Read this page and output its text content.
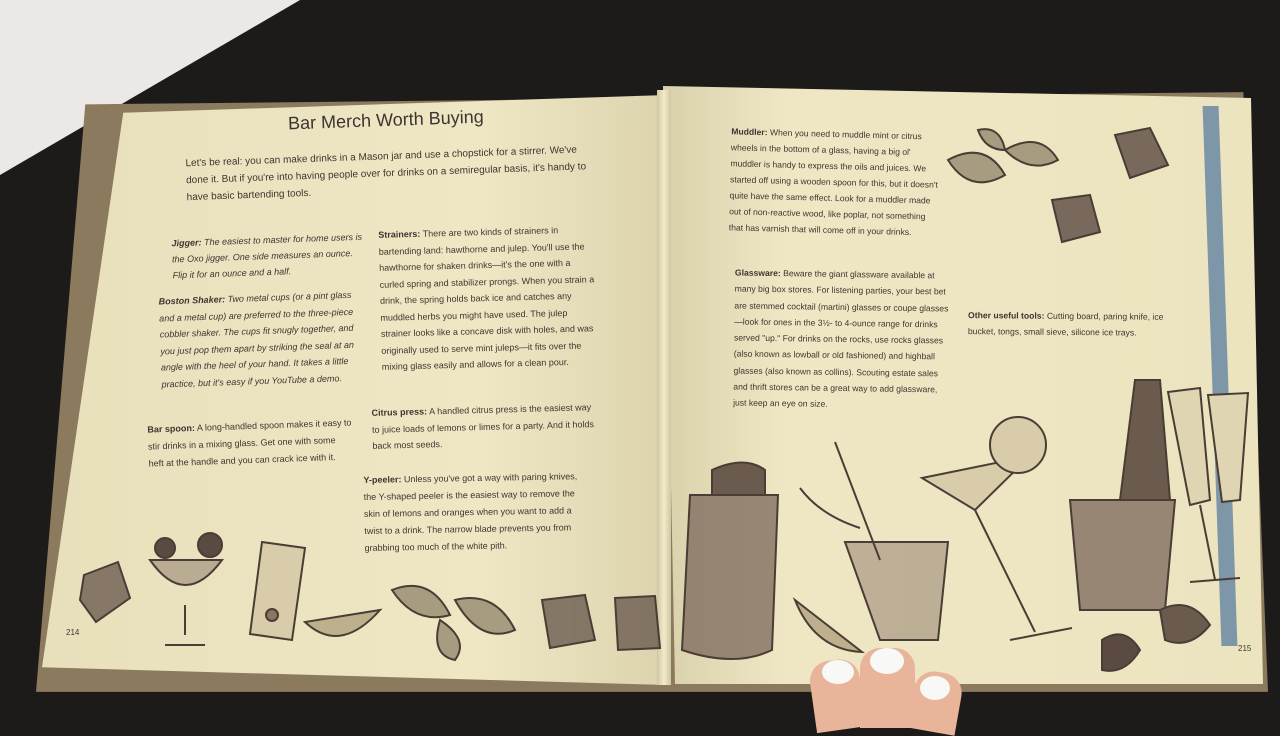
Bar Merch Worth Buying
Let's be real: you can make drinks in a Mason jar and use a chopstick for a stirrer. We've done it. But if you're into having people over for drinks on a semiregular basis, it's handy to have basic bartending tools.
Jigger: The easiest to master for home users is the Oxo jigger. One side measures an ounce. Flip it for an ounce and a half.
Boston Shaker: Two metal cups (or a pint glass and a metal cup) are preferred to the three-piece cobbler shaker. The cups fit snugly together, and you just pop them apart by striking the seal at an angle with the heel of your hand. It takes a little practice, but it's easy if you YouTube a demo.
Bar spoon: A long-handled spoon makes it easy to stir drinks in a mixing glass. Get one with some heft at the handle and you can crack ice with it.
Strainers: There are two kinds of strainers in bartending land: hawthorne and julep. You'll use the hawthorne for shaken drinks—it's the one with a curled spring and stabilizer prongs. When you strain a drink, the spring holds back ice and catches any muddled herbs you might have used. The julep strainer looks like a concave disk with holes, and was originally used to serve mint juleps—it fits over the mixing glass easily and allows for a clean pour.
Citrus press: A handled citrus press is the easiest way to juice loads of lemons or limes for a party. And it holds back most seeds.
Y-peeler: Unless you've got a way with paring knives, the Y-shaped peeler is the easiest way to remove the skin of lemons and oranges when you want to add a twist to a drink. The narrow blade prevents you from grabbing too much of the white pith.
214
Muddler: When you need to muddle mint or citrus wheels in the bottom of a glass, having a big ol' muddler is handy to express the oils and juices. We started off using a wooden spoon for this, but it doesn't quite have the same effect. Look for a muddler made out of non-reactive wood, like poplar, not something that has varnish that will come off in your drinks.
Glassware: Beware the giant glassware available at many big box stores. For listening parties, your best bet are stemmed cocktail (martini) glasses or coupe glasses—look for ones in the 3½- to 4-ounce range for drinks served "up." For drinks on the rocks, use rocks glasses (also known as lowball or old fashioned) and highball glasses (also known as collins). Scouting estate sales and thrift stores can be a great way to add glassware, just keep an eye on size.
Other useful tools: Cutting board, paring knife, ice bucket, tongs, small sieve, silicone ice trays.
215
